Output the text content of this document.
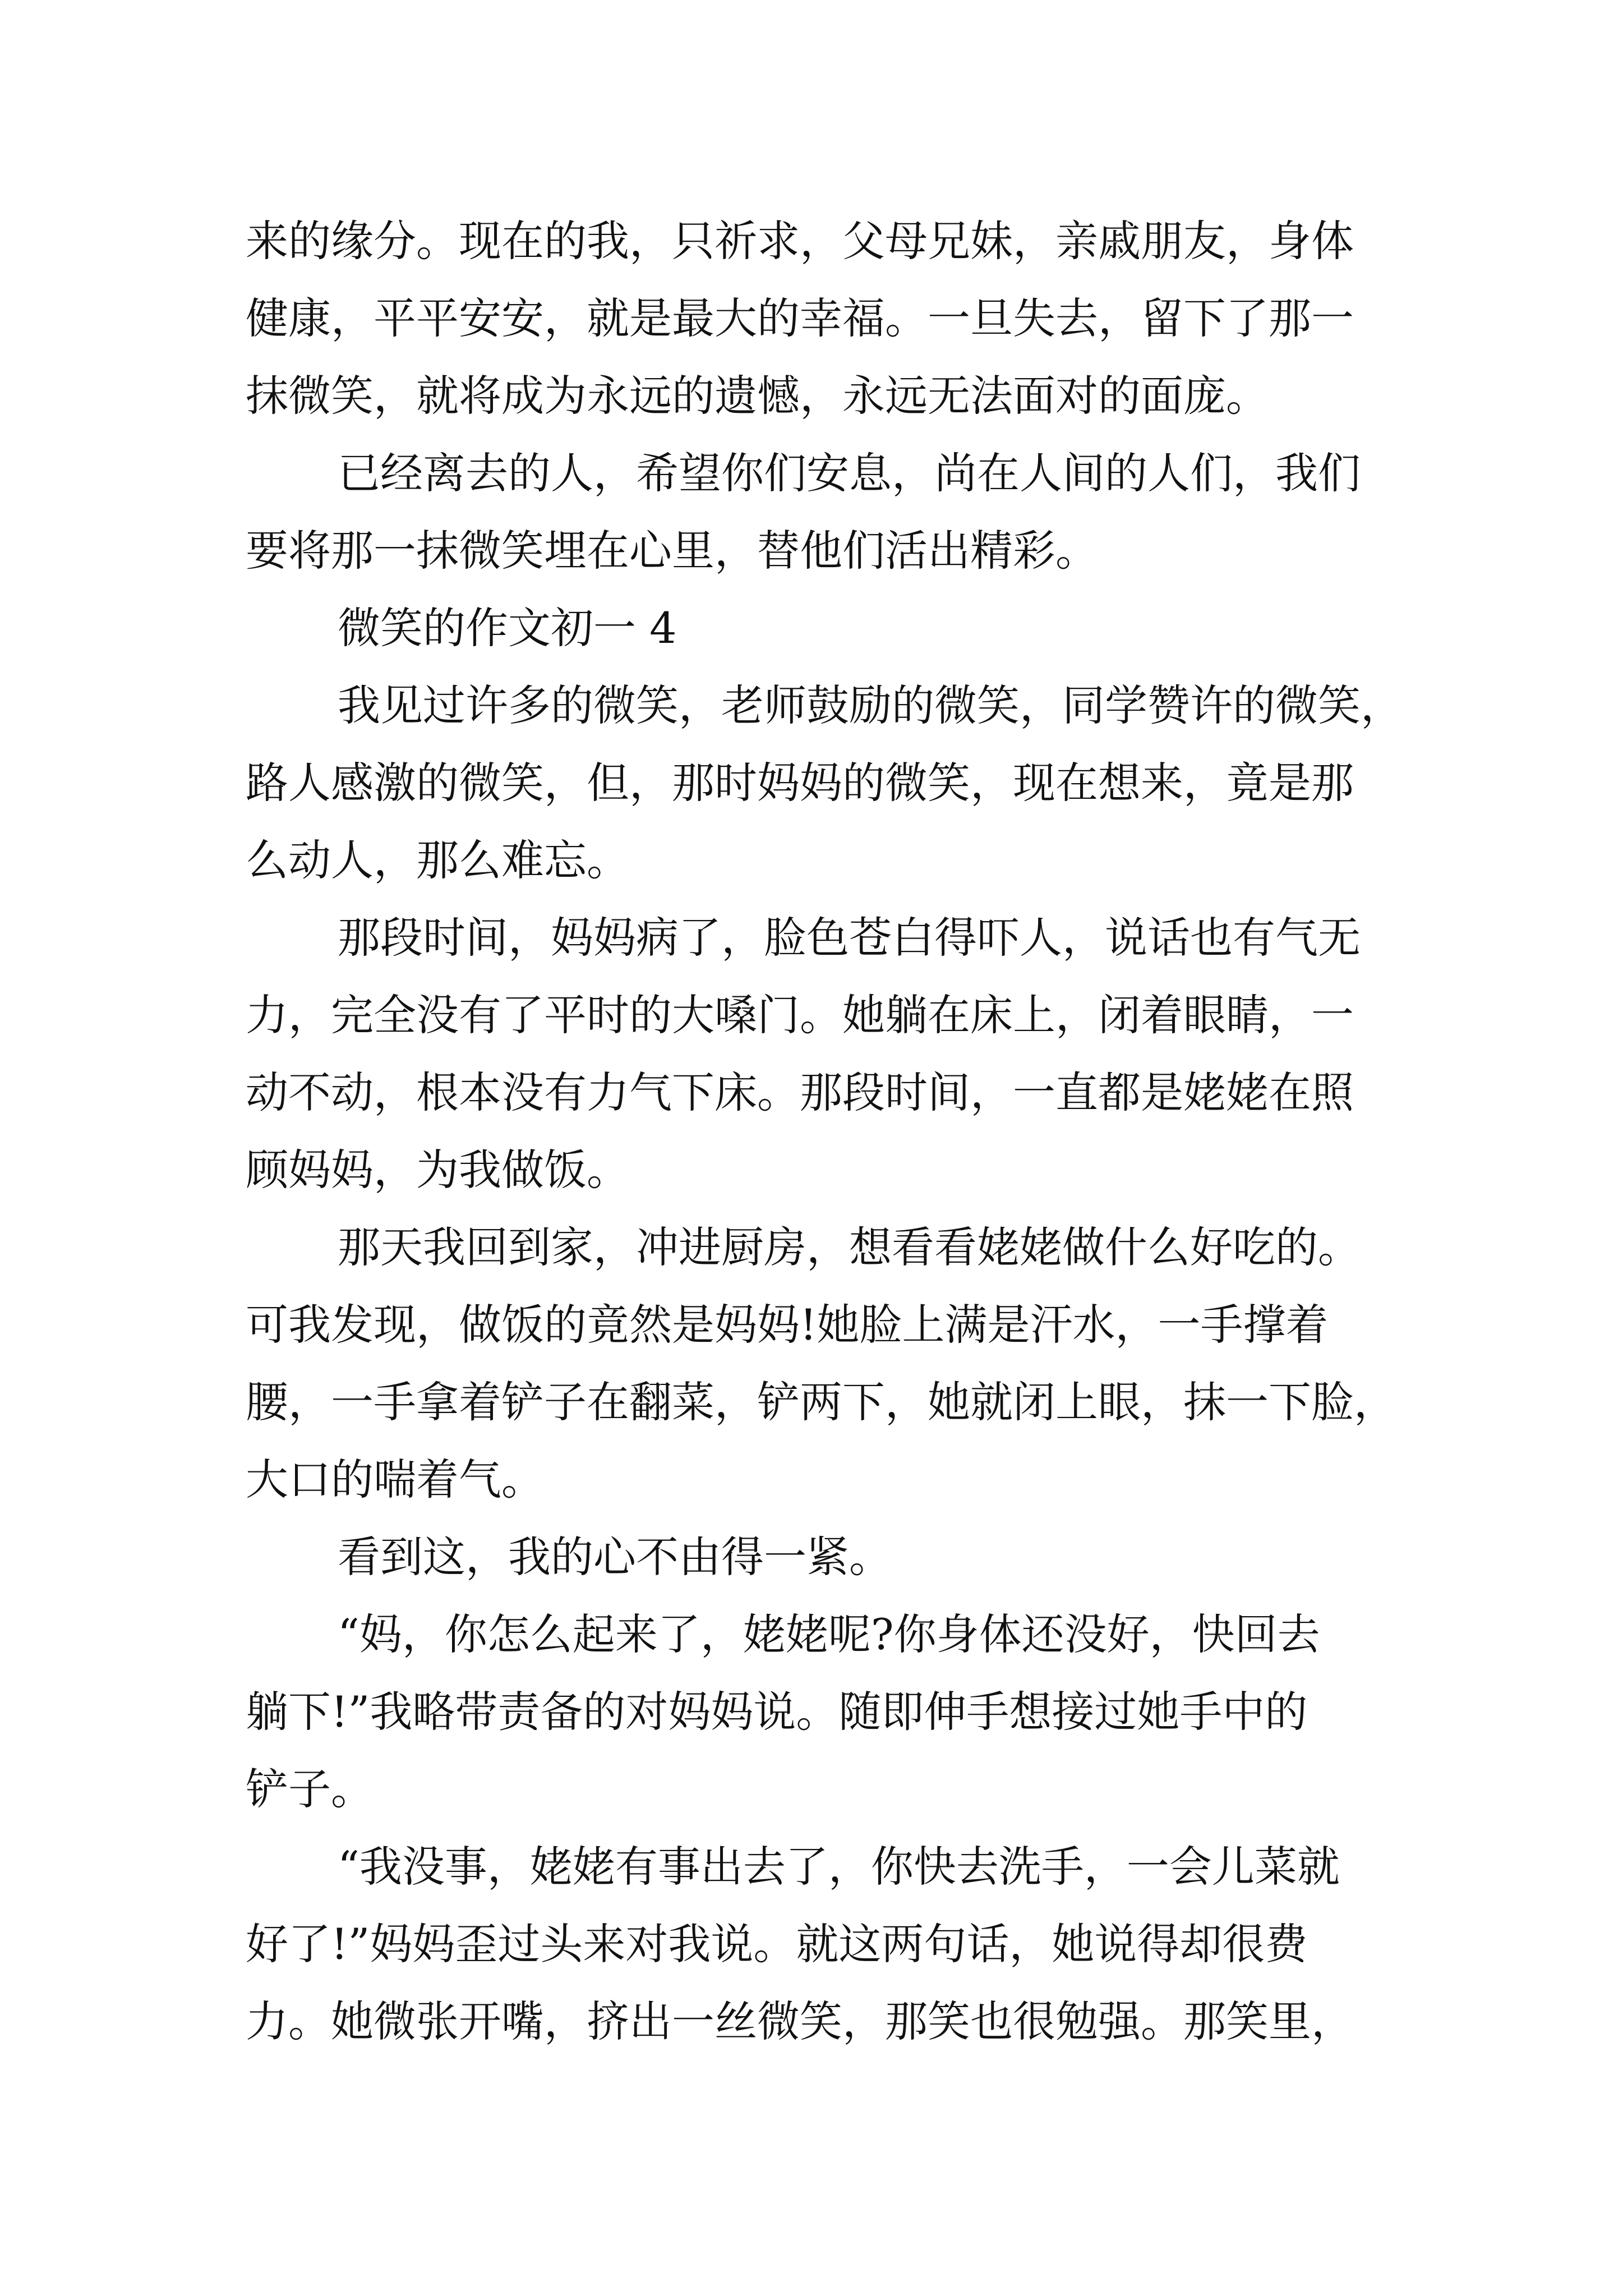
来的缘分。现在的我，只祈求，父母兄妹，亲戚朋友，身体

健康，平平安安，就是最大的幸福。一旦失去，留下了那一

抹微笑，就将成为永远的遗憾，永远无法面对的面庞。

已经离去的人，希望你们安息，尚在人间的人们，我们

要将那一抹微笑埋在心里，替他们活出精彩。

微笑的作文初一 4

我见过许多的微笑，老师鼓励的微笑，同学赞许的微笑，

路人感激的微笑，但，那时妈妈的微笑，现在想来，竟是那

么动人，那么难忘。

那段时间，妈妈病了，脸色苍白得吓人，说话也有气无

力，完全没有了平时的大嗓门。她躺在床上，闭着眼睛，一

动不动，根本没有力气下床。那段时间，一直都是姥姥在照

顾妈妈，为我做饭。

那天我回到家，冲进厨房，想看看姥姥做什么好吃的。

可我发现，做饭的竟然是妈妈!她脸上满是汗水，一手撑着

腰，一手拿着铲子在翻菜，铲两下，她就闭上眼，抹一下脸，

大口的喘着气。

看到这，我的心不由得一紧。

“妈，你怎么起来了，姥姥呢?你身体还没好，快回去

躺下!”我略带责备的对妈妈说。随即伸手想接过她手中的

铲子。

“我没事，姥姥有事出去了，你快去洗手，一会儿菜就

好了!”妈妈歪过头来对我说。就这两句话，她说得却很费

力。她微张开嘴，挤出一丝微笑，那笑也很勉强。那笑里，
